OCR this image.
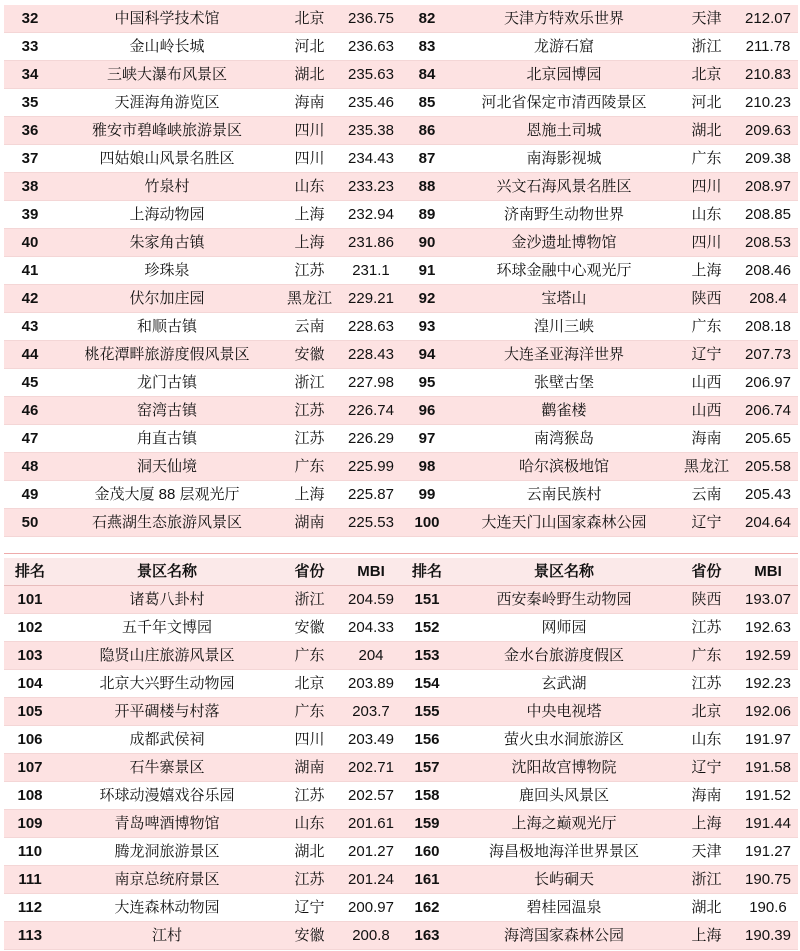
32	中国科学技术馆	北京	236.75	82	天津方特欢乐世界	天津	212.07
33	金山岭长城	河北	236.63	83	龙游石窟	浙江	211.78
34	三峡大瀑布风景区	湖北	235.63	84	北京园博园	北京	210.83
35	天涯海角游览区	海南	235.46	85	河北省保定市清西陵景区	河北	210.23
36	雅安市碧峰峡旅游景区	四川	235.38	86	恩施土司城	湖北	209.63
37	四姑娘山风景名胜区	四川	234.43	87	南海影视城	广东	209.38
38	竹泉村	山东	233.23	88	兴文石海风景名胜区	四川	208.97
39	上海动物园	上海	232.94	89	济南野生动物世界	山东	208.85
40	朱家角古镇	上海	231.86	90	金沙遗址博物馆	四川	208.53
41	珍珠泉	江苏	231.1	91	环球金融中心观光厅	上海	208.46
42	伏尔加庄园	黑龙江	229.21	92	宝塔山	陕西	208.4
43	和顺古镇	云南	228.63	93	湟川三峡	广东	208.18
44	桃花潭畔旅游度假风景区	安徽	228.43	94	大连圣亚海洋世界	辽宁	207.73
45	龙门古镇	浙江	227.98	95	张壁古堡	山西	206.97
46	窑湾古镇	江苏	226.74	96	鹳雀楼	山西	206.74
47	甪直古镇	江苏	226.29	97	南湾猴岛	海南	205.65
48	洞天仙境	广东	225.99	98	哈尔滨极地馆	黑龙江	205.58
49	金茂大厦 88 层观光厅	上海	225.87	99	云南民族村	云南	205.43
50	石燕湖生态旅游风景区	湖南	225.53	100	大连天门山国家森林公园	辽宁	204.64
排名	景区名称	省份	MBI	排名	景区名称	省份	MBI
101	诸葛八卦村	浙江	204.59	151	西安秦岭野生动物园	陕西	193.07
102	五千年文博园	安徽	204.33	152	网师园	江苏	192.63
103	隐贤山庄旅游风景区	广东	204	153	金水台旅游度假区	广东	192.59
104	北京大兴野生动物园	北京	203.89	154	玄武湖	江苏	192.23
105	开平碉楼与村落	广东	203.7	155	中央电视塔	北京	192.06
106	成都武侯祠	四川	203.49	156	萤火虫水洞旅游区	山东	191.97
107	石牛寨景区	湖南	202.71	157	沈阳故宫博物院	辽宁	191.58
108	环球动漫嬉戏谷乐园	江苏	202.57	158	鹿回头风景区	海南	191.52
109	青岛啤酒博物馆	山东	201.61	159	上海之巅观光厅	上海	191.44
110	腾龙洞旅游景区	湖北	201.27	160	海昌极地海洋世界景区	天津	191.27
111	南京总统府景区	江苏	201.24	161	长屿硐天	浙江	190.75
112	大连森林动物园	辽宁	200.97	162	碧桂园温泉	湖北	190.6
113	江村	安徽	200.8	163	海湾国家森林公园	上海	190.39
